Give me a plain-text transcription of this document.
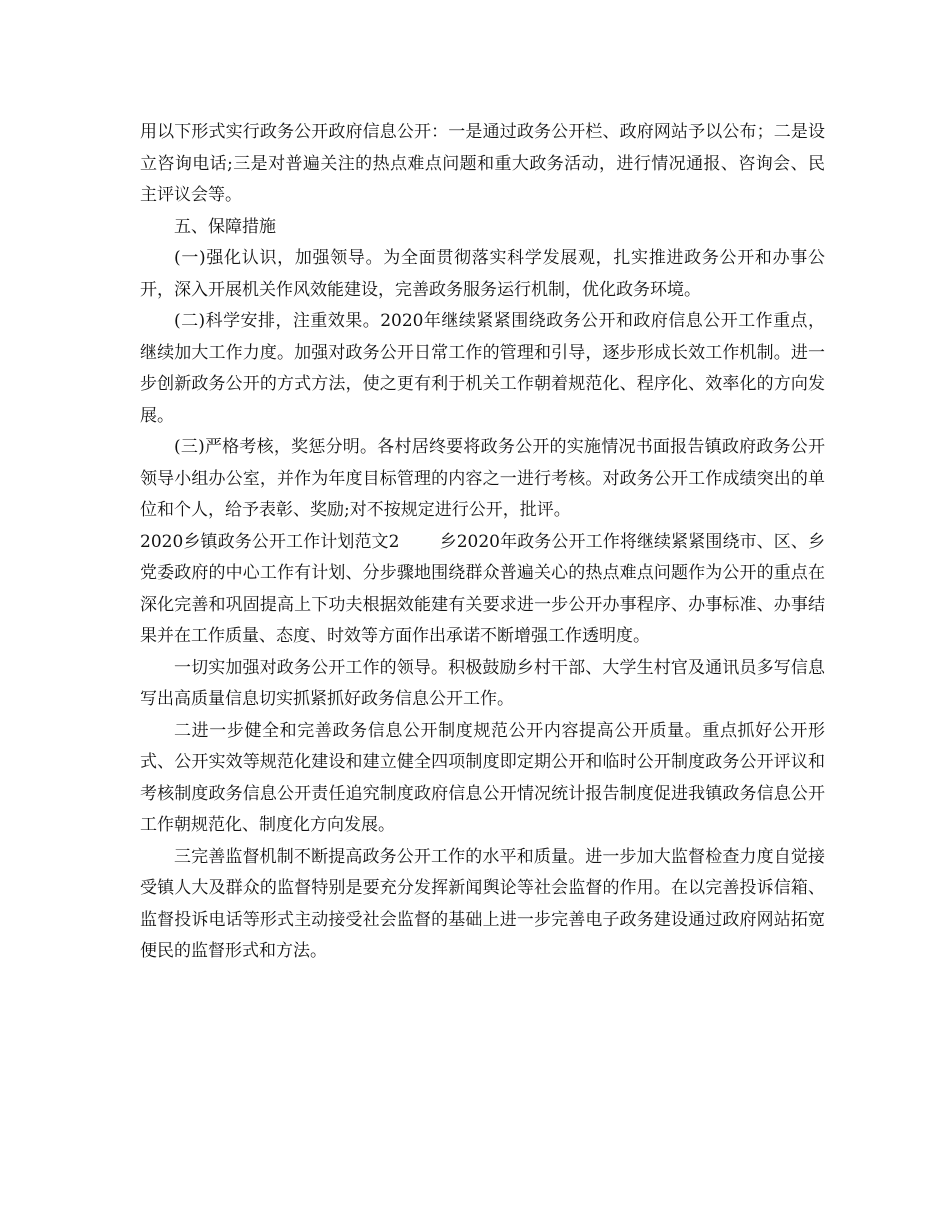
用以下形式实行政务公开政府信息公开：一是通过政务公开栏、政府网站予以公布；二是设立咨询电话;三是对普遍关注的热点难点问题和重大政务活动，进行情况通报、咨询会、民主评议会等。

五、保障措施

(一)强化认识，加强领导。为全面贯彻落实科学发展观，扎实推进政务公开和办事公开，深入开展机关作风效能建设，完善政务服务运行机制，优化政务环境。

(二)科学安排，注重效果。2020年继续紧紧围绕政务公开和政府信息公开工作重点，继续加大工作力度。加强对政务公开日常工作的管理和引导，逐步形成长效工作机制。进一步创新政务公开的方式方法，使之更有利于机关工作朝着规范化、程序化、效率化的方向发展。

(三)严格考核，奖惩分明。各村居终要将政务公开的实施情况书面报告镇政府政务公开领导小组办公室，并作为年度目标管理的内容之一进行考核。对政务公开工作成绩突出的单位和个人，给予表彰、奖励;对不按规定进行公开，批评。

2020乡镇政务公开工作计划范文2 乡2020年政务公开工作将继续紧紧围绕市、区、乡党委政府的中心工作有计划、分步骤地围绕群众普遍关心的热点难点问题作为公开的重点在深化完善和巩固提高上下功夫根据效能建有关要求进一步公开办事程序、办事标准、办事结果并在工作质量、态度、时效等方面作出承诺不断增强工作透明度。

一切实加强对政务公开工作的领导。积极鼓励乡村干部、大学生村官及通讯员多写信息写出高质量信息切实抓紧抓好政务信息公开工作。

二进一步健全和完善政务信息公开制度规范公开内容提高公开质量。重点抓好公开形式、公开实效等规范化建设和建立健全四项制度即定期公开和临时公开制度政务公开评议和考核制度政务信息公开责任追究制度政府信息公开情况统计报告制度促进我镇政务信息公开工作朝规范化、制度化方向发展。

三完善监督机制不断提高政务公开工作的水平和质量。进一步加大监督检查力度自觉接受镇人大及群众的监督特别是要充分发挥新闻舆论等社会监督的作用。在以完善投诉信箱、监督投诉电话等形式主动接受社会监督的基础上进一步完善电子政务建设通过政府网站拓宽便民的监督形式和方法。
